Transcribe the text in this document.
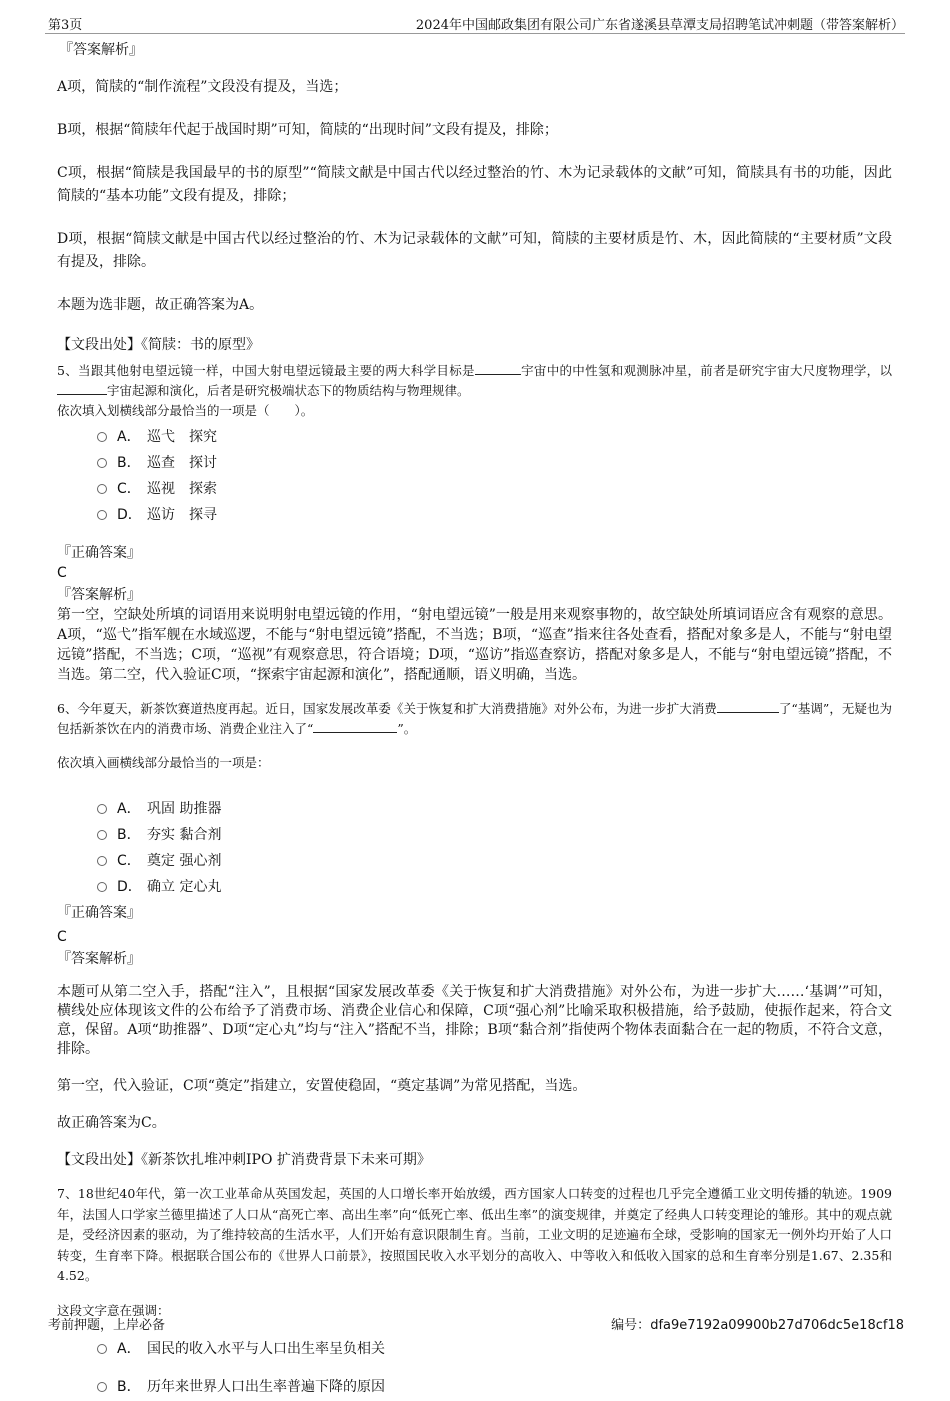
第3页	2024年中国邮政集团有限公司广东省遂溪县草潭支局招聘笔试冲刺题（带答案解析）
『答案解析』
A项，简牍的“制作流程”文段没有提及，当选；
B项，根据“简牍年代起于战国时期”可知，简牍的“出现时间”文段有提及，排除；
C项，根据“简牍是我国最早的书的原型”“简牍文献是中国古代以经过整治的竹、木为记录载体的文献”可知，简牍具有书的功能，因此简牍的“基本功能”文段有提及，排除；
D项，根据“简牍文献是中国古代以经过整治的竹、木为记录载体的文献”可知，简牍的主要材质是竹、木，因此简牍的“主要材质”文段有提及，排除。
本题为选非题，故正确答案为A。
【文段出处】《简牍：书的原型》
5、当跟其他射电望远镜一样，中国大射电望远镜最主要的两大科学目标是	宇宙中的中性氢和观测脉冲星，前者是研究宇宙大尺度物理学，以宇宙起源和演化，后者是研究极端状态下的物质结构与物理规律。
依次填入划横线部分最恰当的一项是（　　）。
A． 巡弋　探究
B． 巡查　探讨
C． 巡视　探索
D． 巡访　探寻
『正确答案』
C
『答案解析』
第一空，空缺处所填的词语用来说明射电望远镜的作用，“射电望远镜”一般是用来观察事物的，故空缺处所填词语应含有观察的意思。A项，“巡弋”指军舰在水域巡逻，不能与“射电望远镜”搭配，不当选；B项，“巡查”指来往各处查看，搭配对象多是人，不能与“射电望远镜”搭配，不当选；C项，“巡视”有观察意思，符合语境；D项，“巡访”指巡查察访，搭配对象多是人，不能与“射电望远镜”搭配，不当选。第二空，代入验证C项，“探索宇宙起源和演化”，搭配通顺，语义明确，当选。
6、今年夏天，新茶饮赛道热度再起。近日，国家发展改革委《关于恢复和扩大消费措施》对外公布，为进一步扩大消费	了“基调”，无疑也为包括新茶饮在内的消费市场、消费企业注入了“	”。
依次填入画横线部分最恰当的一项是：
A． 巩固 助推器
B． 夯实 黏合剂
C． 奠定 强心剂
D． 确立 定心丸
『正确答案』
C
『答案解析』
本题可从第二空入手，搭配“注入”，且根据“国家发展改革委《关于恢复和扩大消费措施》对外公布，为进一步扩大……‘基调’”可知，横线处应体现该文件的公布给予了消费市场、消费企业信心和保障，C项“强心剂”比喻采取积极措施，给予鼓励，使振作起来，符合文意，保留。A项“助推器”、D项“定心丸”均与“注入”搭配不当，排除；B项“黏合剂”指使两个物体表面黏合在一起的物质，不符合文意，排除。
第一空，代入验证，C项“奠定”指建立，安置使稳固，“奠定基调”为常见搭配，当选。
故正确答案为C。
【文段出处】《新茶饮扎堆冲刺IPO 扩消费背景下未来可期》
7、18世纪40年代，第一次工业革命从英国发起，英国的人口增长率开始放缓，西方国家人口转变的过程也几乎完全遵循工业文明传播的轨迹。1909年，法国人口学家兰德里描述了人口从“高死亡率、高出生率”向“低死亡率、低出生率”的演变规律，并奠定了经典人口转变理论的雏形。其中的观点就是，受经济因素的驱动，为了维持较高的生活水平，人们开始有意识限制生育。当前，工业文明的足迹遍布全球，受影响的国家无一例外均开始了人口转变，生育率下降。根据联合国公布的《世界人口前景》，按照国民收入水平划分的高收入、中等收入和低收入国家的总和生育率分别是1.67、2.35和4.52。
这段文字意在强调：
A． 国民的收入水平与人口出生率呈负相关
B． 历年来世界人口出生率普遍下降的原因
考前押题，上岸必备	编号：dfa9e7192a09900b27d706dc5e18cf18
